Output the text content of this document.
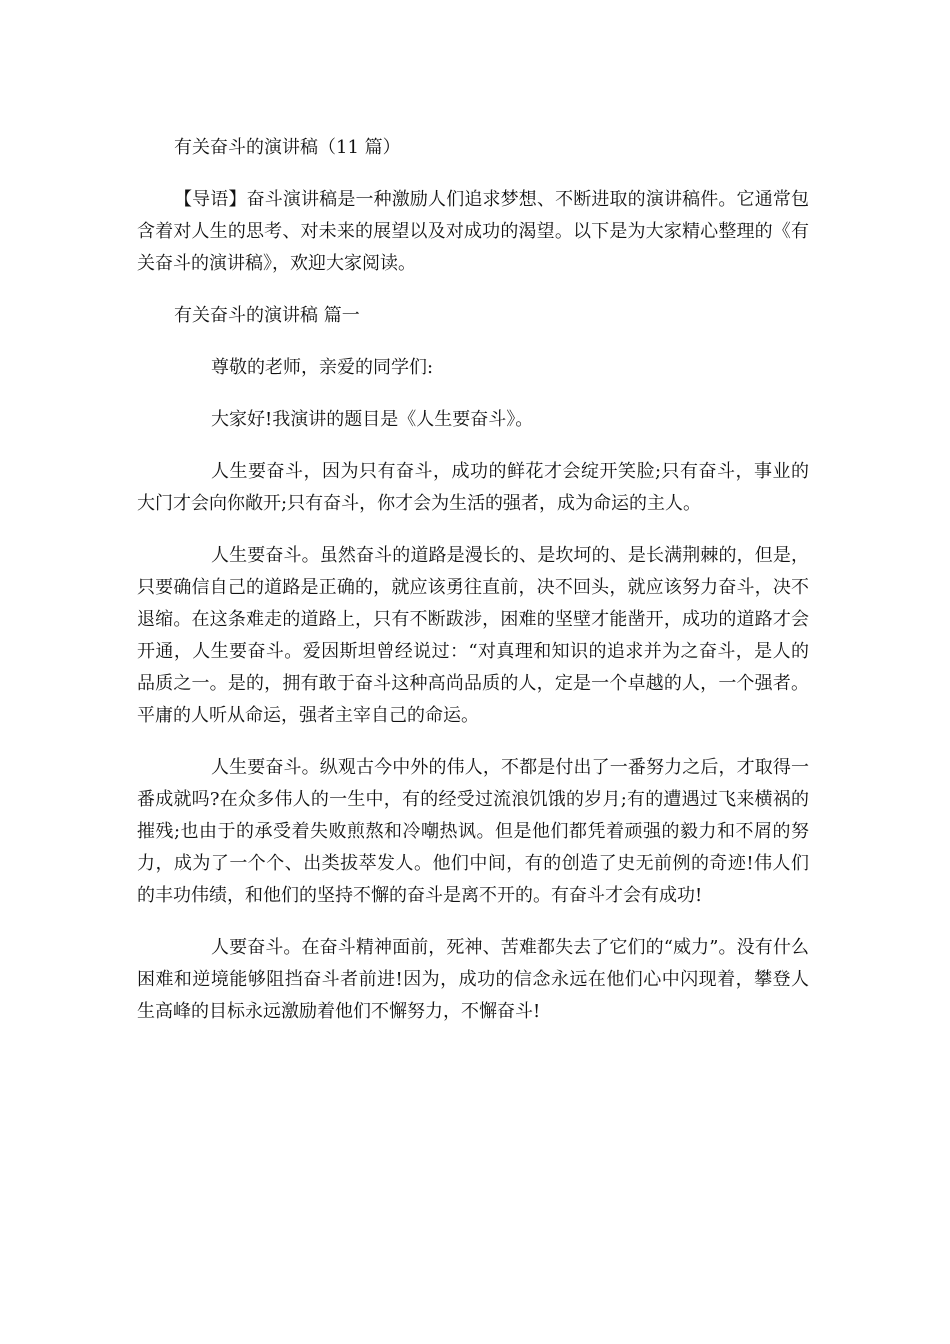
有关奋斗的演讲稿（11 篇）

【导语】奋斗演讲稿是一种激励人们追求梦想、不断进取的演讲稿件。它通常包含着对人生的思考、对未来的展望以及对成功的渴望。以下是为大家精心整理的《有关奋斗的演讲稿》，欢迎大家阅读。

有关奋斗的演讲稿 篇一
尊敬的老师，亲爱的同学们:
大家好!我演讲的题目是《人生要奋斗》。

人生要奋斗，因为只有奋斗，成功的鲜花才会绽开笑脸;只有奋斗，事业的大门才会向你敞开;只有奋斗，你才会为生活的强者，成为命运的主人。

人生要奋斗。虽然奋斗的道路是漫长的、是坎坷的、是长满荆棘的，但是，只要确信自己的道路是正确的，就应该勇往直前，决不回头，就应该努力奋斗，决不退缩。在这条难走的道路上，只有不断跋涉，困难的坚壁才能凿开，成功的道路才会开通，人生要奋斗。爱因斯坦曾经说过：“对真理和知识的追求并为之奋斗，是人的品质之一。是的，拥有敢于奋斗这种高尚品质的人，定是一个卓越的人，一个强者。平庸的人听从命运，强者主宰自己的命运。

人生要奋斗。纵观古今中外的伟人，不都是付出了一番努力之后，才取得一番成就吗?在众多伟人的一生中，有的经受过流浪饥饿的岁月;有的遭遇过飞来横祸的摧残;也由于的承受着失败煎熬和冷嘲热讽。但是他们都凭着顽强的毅力和不屑的努力，成为了一个个、出类拔萃发人。他们中间，有的创造了史无前例的奇迹!伟人们的丰功伟绩，和他们的坚持不懈的奋斗是离不开的。有奋斗才会有成功!

人要奋斗。在奋斗精神面前，死神、苦难都失去了它们的“威力”。没有什么困难和逆境能够阻挡奋斗者前进!因为，成功的信念永远在他们心中闪现着，攀登人生高峰的目标永远激励着他们不懈努力，不懈奋斗!
